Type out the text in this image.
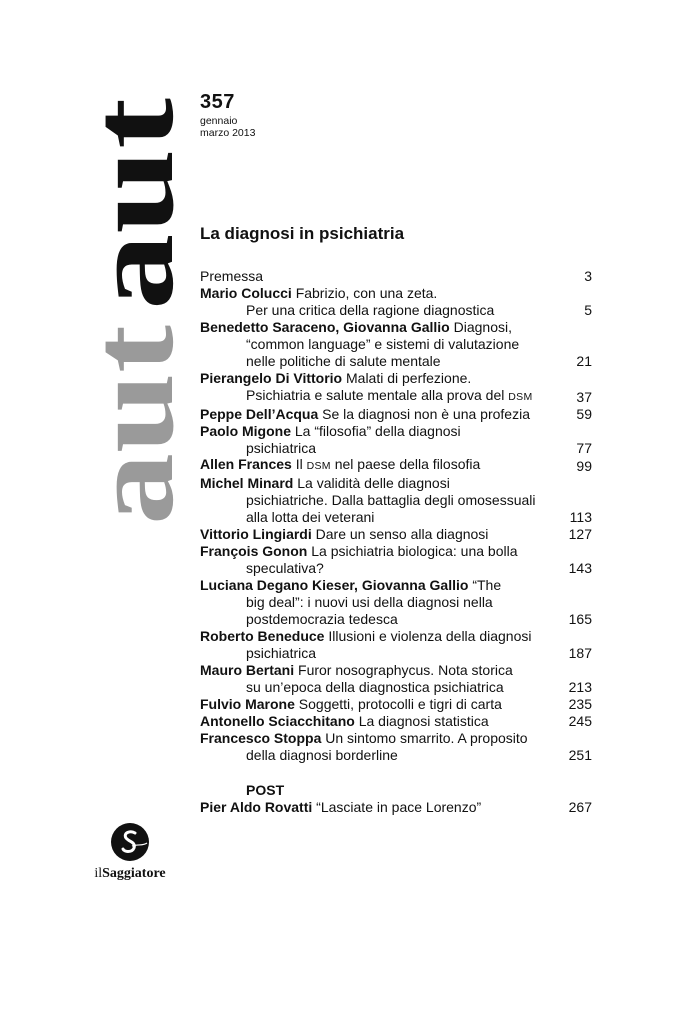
aut
aut
357
gennaio
marzo 2013
La diagnosi in psichiatria
Premessa	3
Mario Colucci Fabrizio, con una zeta.
Per una critica della ragione diagnostica	5
Benedetto Saraceno, Giovanna Gallio Diagnosi,
“common language” e sistemi di valutazione
nelle politiche di salute mentale	21
Pierangelo Di Vittorio Malati di perfezione.
Psichiatria e salute mentale alla prova del DSM	37
Peppe Dell’Acqua Se la diagnosi non è una profezia	59
Paolo Migone La “filosofia” della diagnosi
psichiatrica	77
Allen Frances Il DSM nel paese della filosofia	99
Michel Minard La validità delle diagnosi
psichiatriche. Dalla battaglia degli omosessuali
alla lotta dei veterani	113
Vittorio Lingiardi Dare un senso alla diagnosi	127
François Gonon La psichiatria biologica: una bolla
speculativa?	143
Luciana Degano Kieser, Giovanna Gallio “The
big deal”: i nuovi usi della diagnosi nella
postdemocrazia tedesca	165
Roberto Beneduce Illusioni e violenza della diagnosi
psichiatrica	187
Mauro Bertani Furor nosographycus. Nota storica
su un’epoca della diagnostica psichiatrica	213
Fulvio Marone Soggetti, protocolli e tigri di carta	235
Antonello Sciacchitano La diagnosi statistica	245
Francesco Stoppa Un sintomo smarrito. A proposito
della diagnosi borderline	251
POST
Pier Aldo Rovatti “Lasciate in pace Lorenzo”	267
ilSaggiatore
